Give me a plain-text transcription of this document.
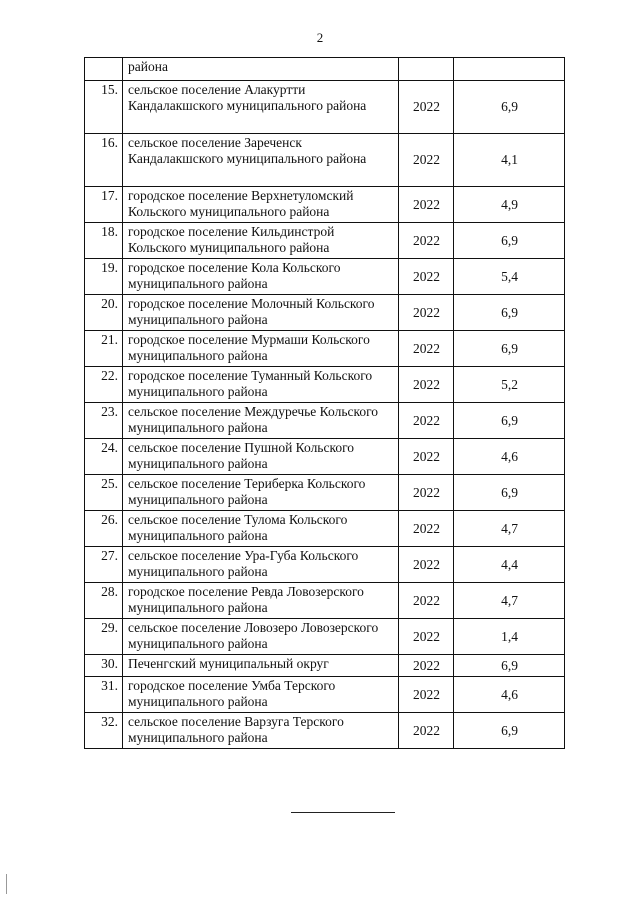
2
	района		
15.	сельское поселение Алакуртти Кандалакшского муниципального района	2022	6,9
16.	сельское поселение Зареченск Кандалакшского муниципального района	2022	4,1
17.	городское поселение Верхнетуломский Кольского муниципального района	2022	4,9
18.	городское поселение Кильдинстрой Кольского муниципального района	2022	6,9
19.	городское поселение Кола Кольского муниципального района	2022	5,4
20.	городское поселение Молочный Кольского муниципального района	2022	6,9
21.	городское поселение Мурмаши Кольского муниципального района	2022	6,9
22.	городское поселение Туманный Кольского муниципального района	2022	5,2
23.	сельское поселение Междуречье Кольского муниципального района	2022	6,9
24.	сельское поселение Пушной Кольского муниципального района	2022	4,6
25.	сельское поселение Териберка Кольского муниципального района	2022	6,9
26.	сельское поселение Тулома Кольского муниципального района	2022	4,7
27.	сельское поселение Ура-Губа Кольского муниципального района	2022	4,4
28.	городское поселение Ревда Ловозерского муниципального района	2022	4,7
29.	сельское поселение Ловозеро Ловозерского муниципального района	2022	1,4
30.	Печенгский муниципальный округ	2022	6,9
31.	городское поселение Умба Терского муниципального района	2022	4,6
32.	сельское поселение Варзуга Терского муниципального района	2022	6,9
